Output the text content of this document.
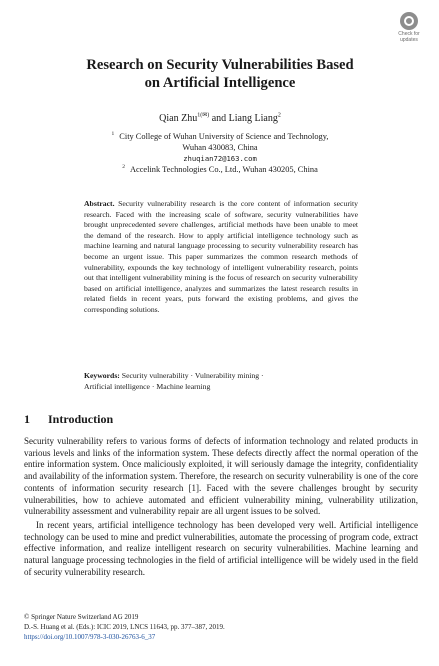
Check for
updates
Research on Security Vulnerabilities Based
on Artificial Intelligence
Qian Zhu$^{1(✉)}$ and Liang Liang$^2$
$^1$ City College of Wuhan University of Science and Technology,
Wuhan 430083, China
zhuqian72@163.com
$^2$ Accelink Technologies Co., Ltd., Wuhan 430205, China
Abstract. Security vulnerability research is the core content of information security research. Faced with the increasing scale of software, security vulnerabilities have brought unprecedented severe challenges, artificial methods have been unable to meet the demand of the research. How to apply artificial intelligence technology such as machine learning and natural language processing to security vulnerability research has become an urgent issue. This paper summarizes the common research methods of vulnerability, expounds the key technology of intelligent vulnerability research, points out that intelligent vulnerability mining is the focus of research on security vulnerability based on artificial intelligence, analyzes and summarizes the latest research results in related fields in recent years, puts forward the existing problems, and gives the corresponding solutions.
Keywords: Security vulnerability · Vulnerability mining ·
Artificial intelligence · Machine learning
1 Introduction
Security vulnerability refers to various forms of defects of information technology and related products in various levels and links of the information system. These defects directly affect the normal operation of the entire information system. Once maliciously exploited, it will seriously damage the integrity, confidentiality and availability of the information system. Therefore, the research on security vulnerability is one of the core contents of information security research [1]. Faced with the severe challenges brought by security vulnerabilities, how to achieve automated and efficient vulnerability mining, vulnerability utilization, vulnerability assessment and vulnerability repair are all urgent issues to be solved.
In recent years, artificial intelligence technology has been developed very well. Artificial intelligence technology can be used to mine and predict vulnerabilities, automate the processing of program code, extract effective information, and realize intelligent research on security vulnerabilities. Machine learning and natural language processing technologies in the field of artificial intelligence will be widely used in the field of security vulnerability research.
© Springer Nature Switzerland AG 2019
D.-S. Huang et al. (Eds.): ICIC 2019, LNCS 11643, pp. 377–387, 2019.
https://doi.org/10.1007/978-3-030-26763-6_37
